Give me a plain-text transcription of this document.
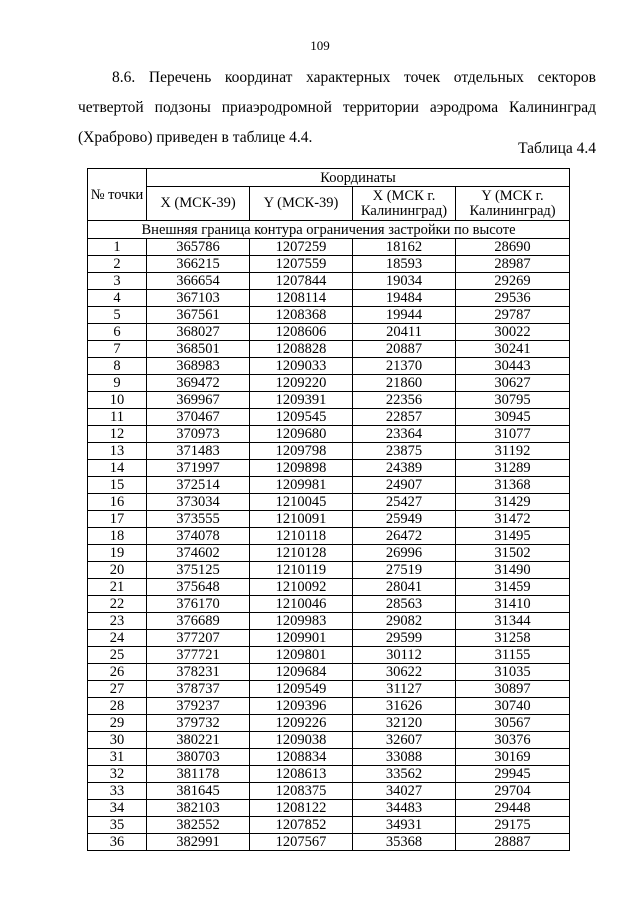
109
8.6. Перечень координат характерных точек отдельных секторов четвертой подзоны приаэродромной территории аэродрома Калининград (Храброво) приведен в таблице 4.4.
Таблица 4.4
№ точки	Координаты			
	X (МСК-39)	Y (МСК-39)	X (МСК г. Калининград)	Y (МСК г. Калининград)
Внешняя граница контура ограничения застройки по высоте				
1	365786	1207259	18162	28690
2	366215	1207559	18593	28987
3	366654	1207844	19034	29269
4	367103	1208114	19484	29536
5	367561	1208368	19944	29787
6	368027	1208606	20411	30022
7	368501	1208828	20887	30241
8	368983	1209033	21370	30443
9	369472	1209220	21860	30627
10	369967	1209391	22356	30795
11	370467	1209545	22857	30945
12	370973	1209680	23364	31077
13	371483	1209798	23875	31192
14	371997	1209898	24389	31289
15	372514	1209981	24907	31368
16	373034	1210045	25427	31429
17	373555	1210091	25949	31472
18	374078	1210118	26472	31495
19	374602	1210128	26996	31502
20	375125	1210119	27519	31490
21	375648	1210092	28041	31459
22	376170	1210046	28563	31410
23	376689	1209983	29082	31344
24	377207	1209901	29599	31258
25	377721	1209801	30112	31155
26	378231	1209684	30622	31035
27	378737	1209549	31127	30897
28	379237	1209396	31626	30740
29	379732	1209226	32120	30567
30	380221	1209038	32607	30376
31	380703	1208834	33088	30169
32	381178	1208613	33562	29945
33	381645	1208375	34027	29704
34	382103	1208122	34483	29448
35	382552	1207852	34931	29175
36	382991	1207567	35368	28887
